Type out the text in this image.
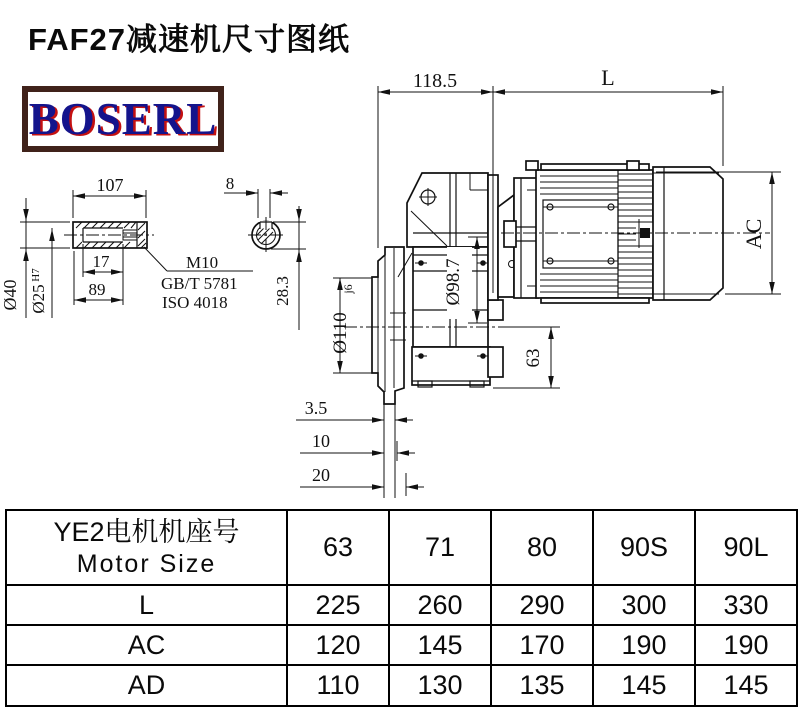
FAF27减速机尺寸图纸
BOSERL
107
Ø40 Ø25
H7
17
89
M10
GB/T 5781
ISO 4018
8
28.3
118.5	L
AC
Ø98.7
Ø110
j6
63
3.5
10
20
YE2电机机座号
Motor Size	63	71	80	90S	90L
L	225	260	290	300	330
AC	120	145	170	190	190
AD	110	130	135	145	145
